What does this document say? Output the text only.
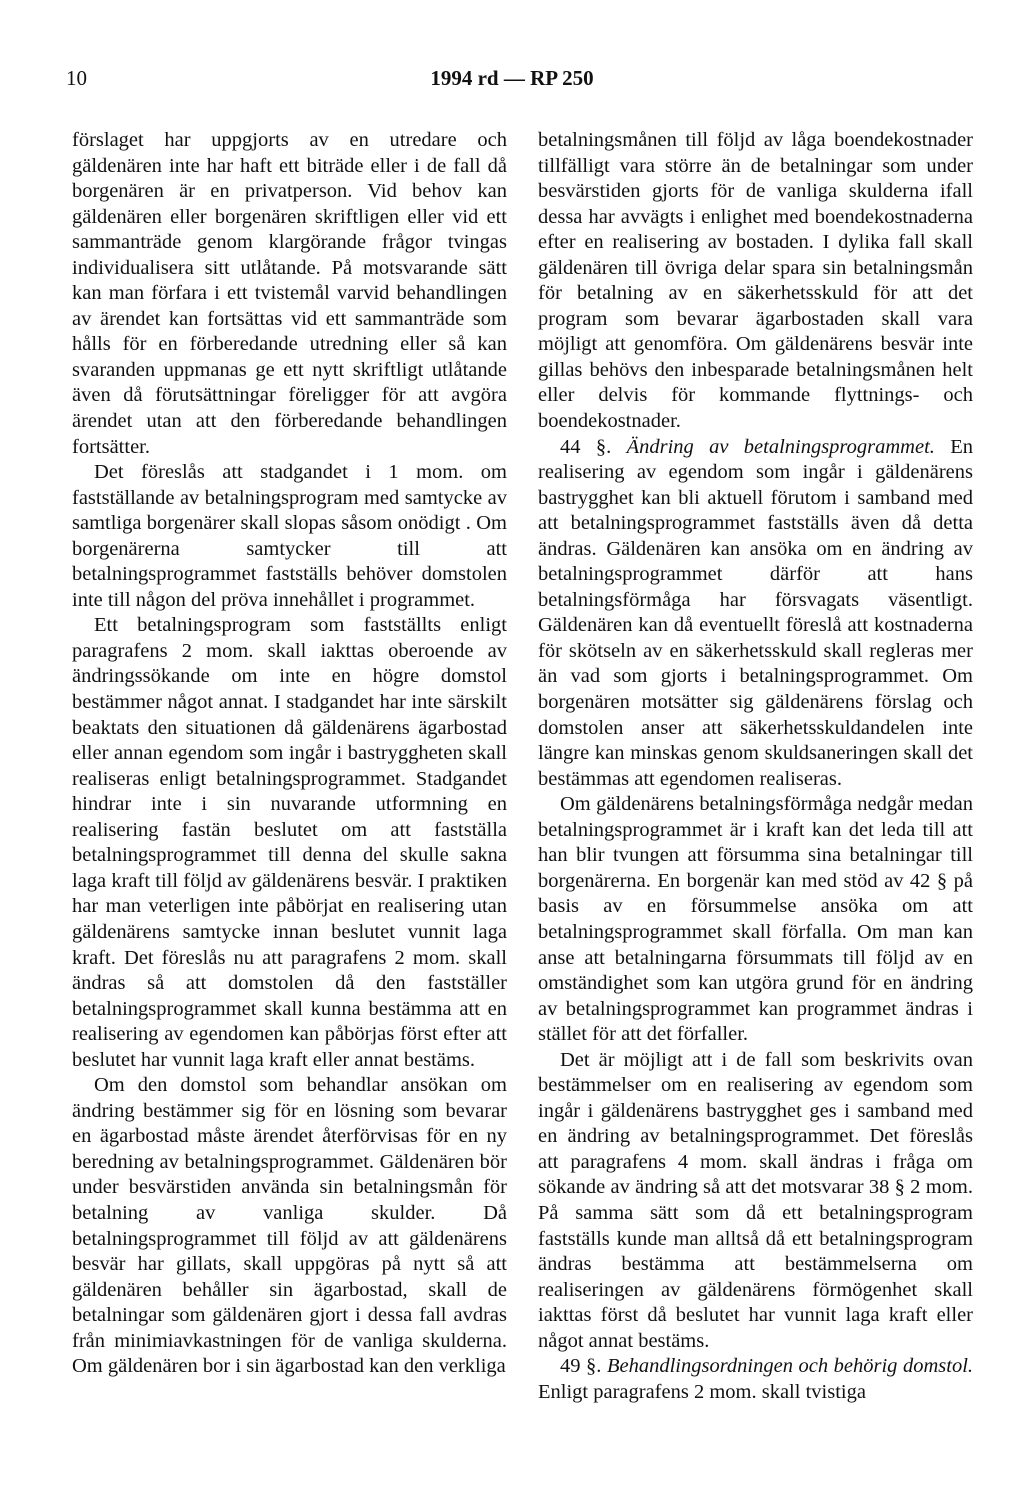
10	1994 rd — RP 250

förslaget har uppgjorts av en utredare och gäldenären inte har haft ett biträde eller i de fall då borgenären är en privatperson. Vid behov kan gäldenären eller borgenären skriftligen eller vid ett sammanträde genom klargörande frågor tvingas individualisera sitt utlåtande. På motsvarande sätt kan man förfara i ett tvistemål varvid behandlingen av ärendet kan fortsättas vid ett sammanträde som hålls för en förberedande utredning eller så kan svaranden uppmanas ge ett nytt skriftligt utlåtande även då förutsättningar föreligger för att avgöra ärendet utan att den förberedande behandlingen fortsätter.

Det föreslås att stadgandet i 1 mom. om fastställande av betalningsprogram med samtycke av samtliga borgenärer skall slopas såsom onödigt . Om borgenärerna samtycker till att betalningsprogrammet fastställs behöver domstolen inte till någon del pröva innehållet i programmet.

Ett betalningsprogram som fastställts enligt paragrafens 2 mom. skall iakttas oberoende av ändringssökande om inte en högre domstol bestämmer något annat. I stadgandet har inte särskilt beaktats den situationen då gäldenärens ägarbostad eller annan egendom som ingår i bastryggheten skall realiseras enligt betalningsprogrammet. Stadgandet hindrar inte i sin nuvarande utformning en realisering fastän beslutet om att fastställa betalningsprogrammet till denna del skulle sakna laga kraft till följd av gäldenärens besvär. I praktiken har man veterligen inte påbörjat en realisering utan gäldenärens samtycke innan beslutet vunnit laga kraft. Det föreslås nu att paragrafens 2 mom. skall ändras så att domstolen då den fastställer betalningsprogrammet skall kunna bestämma att en realisering av egendomen kan påbörjas först efter att beslutet har vunnit laga kraft eller annat bestäms.

Om den domstol som behandlar ansökan om ändring bestämmer sig för en lösning som bevarar en ägarbostad måste ärendet återförvisas för en ny beredning av betalningsprogrammet. Gäldenären bör under besvärstiden använda sin betalningsmån för betalning av vanliga skulder. Då betalningsprogrammet till följd av att gäldenärens besvär har gillats, skall uppgöras på nytt så att gäldenären behåller sin ägarbostad, skall de betalningar som gäldenären gjort i dessa fall avdras från minimiavkastningen för de vanliga skulderna. Om gäldenären bor i sin ägarbostad kan den verkliga

betalningsmånen till följd av låga boendekostnader tillfälligt vara större än de betalningar som under besvärstiden gjorts för de vanliga skulderna ifall dessa har avvägts i enlighet med boendekostnaderna efter en realisering av bostaden. I dylika fall skall gäldenären till övriga delar spara sin betalningsmån för betalning av en säkerhetsskuld för att det program som bevarar ägarbostaden skall vara möjligt att genomföra. Om gäldenärens besvär inte gillas behövs den inbesparade betalningsmånen helt eller delvis för kommande flyttnings- och boendekostnader.

44 §. Ändring av betalningsprogrammet. En realisering av egendom som ingår i gäldenärens bastrygghet kan bli aktuell förutom i samband med att betalningsprogrammet fastställs även då detta ändras. Gäldenären kan ansöka om en ändring av betalningsprogrammet därför att hans betalningsförmåga har försvagats väsentligt. Gäldenären kan då eventuellt föreslå att kostnaderna för skötseln av en säkerhetsskuld skall regleras mer än vad som gjorts i betalningsprogrammet. Om borgenären motsätter sig gäldenärens förslag och domstolen anser att säkerhetsskuldandelen inte längre kan minskas genom skuldsaneringen skall det bestämmas att egendomen realiseras.

Om gäldenärens betalningsförmåga nedgår medan betalningsprogrammet är i kraft kan det leda till att han blir tvungen att försumma sina betalningar till borgenärerna. En borgenär kan med stöd av 42 § på basis av en försummelse ansöka om att betalningsprogrammet skall förfalla. Om man kan anse att betalningarna försummats till följd av en omständighet som kan utgöra grund för en ändring av betalningsprogrammet kan programmet ändras i stället för att det förfaller.

Det är möjligt att i de fall som beskrivits ovan bestämmelser om en realisering av egendom som ingår i gäldenärens bastrygghet ges i samband med en ändring av betalningsprogrammet. Det föreslås att paragrafens 4 mom. skall ändras i fråga om sökande av ändring så att det motsvarar 38 § 2 mom. På samma sätt som då ett betalningsprogram fastställs kunde man alltså då ett betalningsprogram ändras bestämma att bestämmelserna om realiseringen av gäldenärens förmögenhet skall iakttas först då beslutet har vunnit laga kraft eller något annat bestäms.

49 §. Behandlingsordningen och behörig domstol. Enligt paragrafens 2 mom. skall tvistiga
